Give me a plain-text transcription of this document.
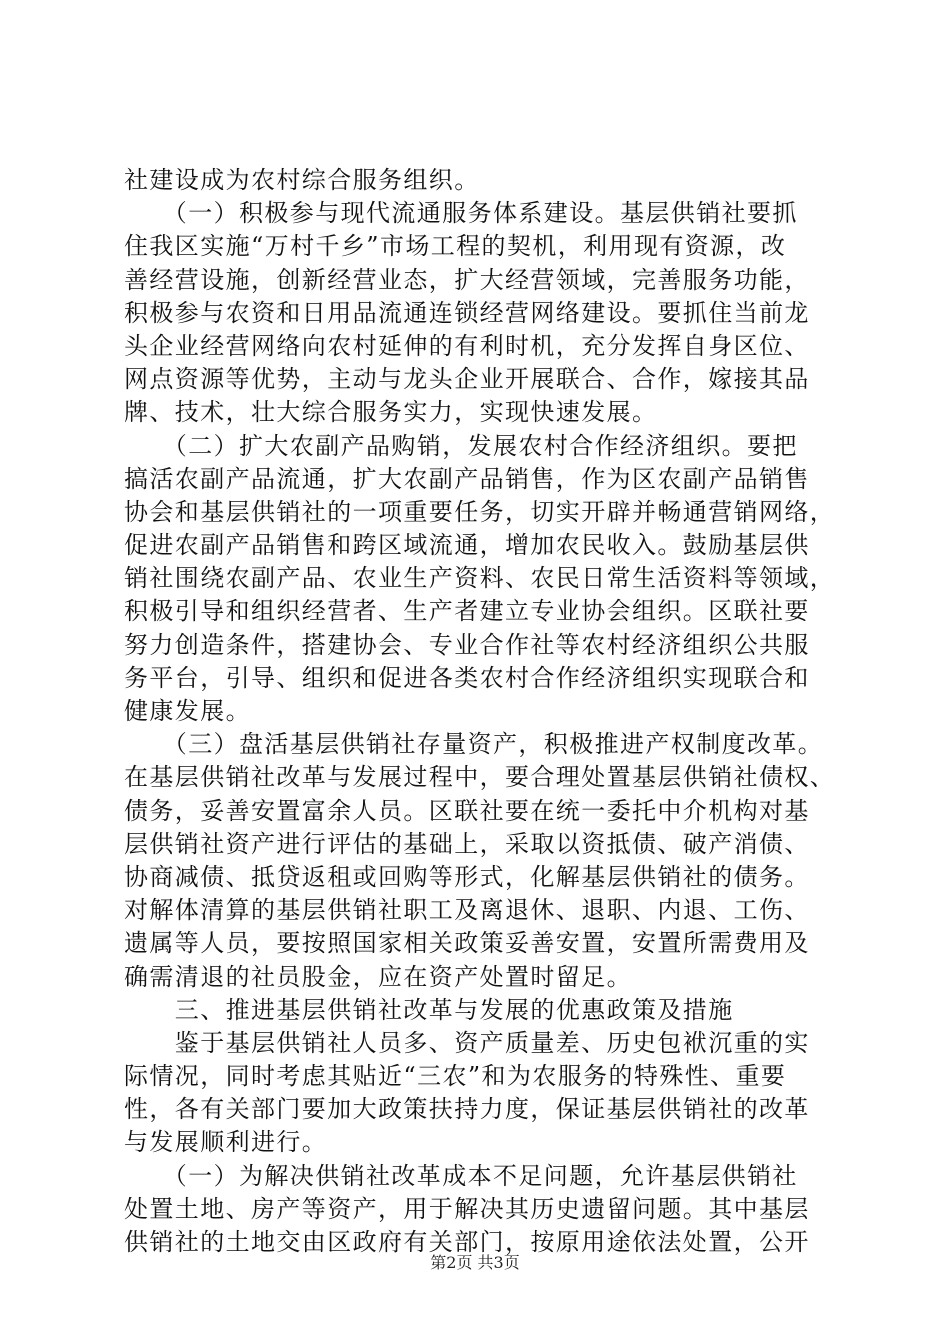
社建设成为农村综合服务组织。
　　（一）积极参与现代流通服务体系建设。基层供销社要抓
住我区实施“万村千乡”市场工程的契机，利用现有资源，改
善经营设施，创新经营业态，扩大经营领域，完善服务功能，
积极参与农资和日用品流通连锁经营网络建设。要抓住当前龙
头企业经营网络向农村延伸的有利时机，充分发挥自身区位、
网点资源等优势，主动与龙头企业开展联合、合作，嫁接其品
牌、技术，壮大综合服务实力，实现快速发展。
　　（二）扩大农副产品购销，发展农村合作经济组织。要把
搞活农副产品流通，扩大农副产品销售，作为区农副产品销售
协会和基层供销社的一项重要任务，切实开辟并畅通营销网络，
促进农副产品销售和跨区域流通，增加农民收入。鼓励基层供
销社围绕农副产品、农业生产资料、农民日常生活资料等领域，
积极引导和组织经营者、生产者建立专业协会组织。区联社要
努力创造条件，搭建协会、专业合作社等农村经济组织公共服
务平台，引导、组织和促进各类农村合作经济组织实现联合和
健康发展。
　　（三）盘活基层供销社存量资产，积极推进产权制度改革。
在基层供销社改革与发展过程中，要合理处置基层供销社债权、
债务，妥善安置富余人员。区联社要在统一委托中介机构对基
层供销社资产进行评估的基础上，采取以资抵债、破产消债、
协商减债、抵贷返租或回购等形式，化解基层供销社的债务。
对解体清算的基层供销社职工及离退休、退职、内退、工伤、
遗属等人员，要按照国家相关政策妥善安置，安置所需费用及
确需清退的社员股金，应在资产处置时留足。
　　三、推进基层供销社改革与发展的优惠政策及措施
　　鉴于基层供销社人员多、资产质量差、历史包袱沉重的实
际情况，同时考虑其贴近“三农”和为农服务的特殊性、重要
性，各有关部门要加大政策扶持力度，保证基层供销社的改革
与发展顺利进行。
　　（一）为解决供销社改革成本不足问题，允许基层供销社
处置土地、房产等资产，用于解决其历史遗留问题。其中基层
供销社的土地交由区政府有关部门，按原用途依法处置，公开
第2页 共3页
